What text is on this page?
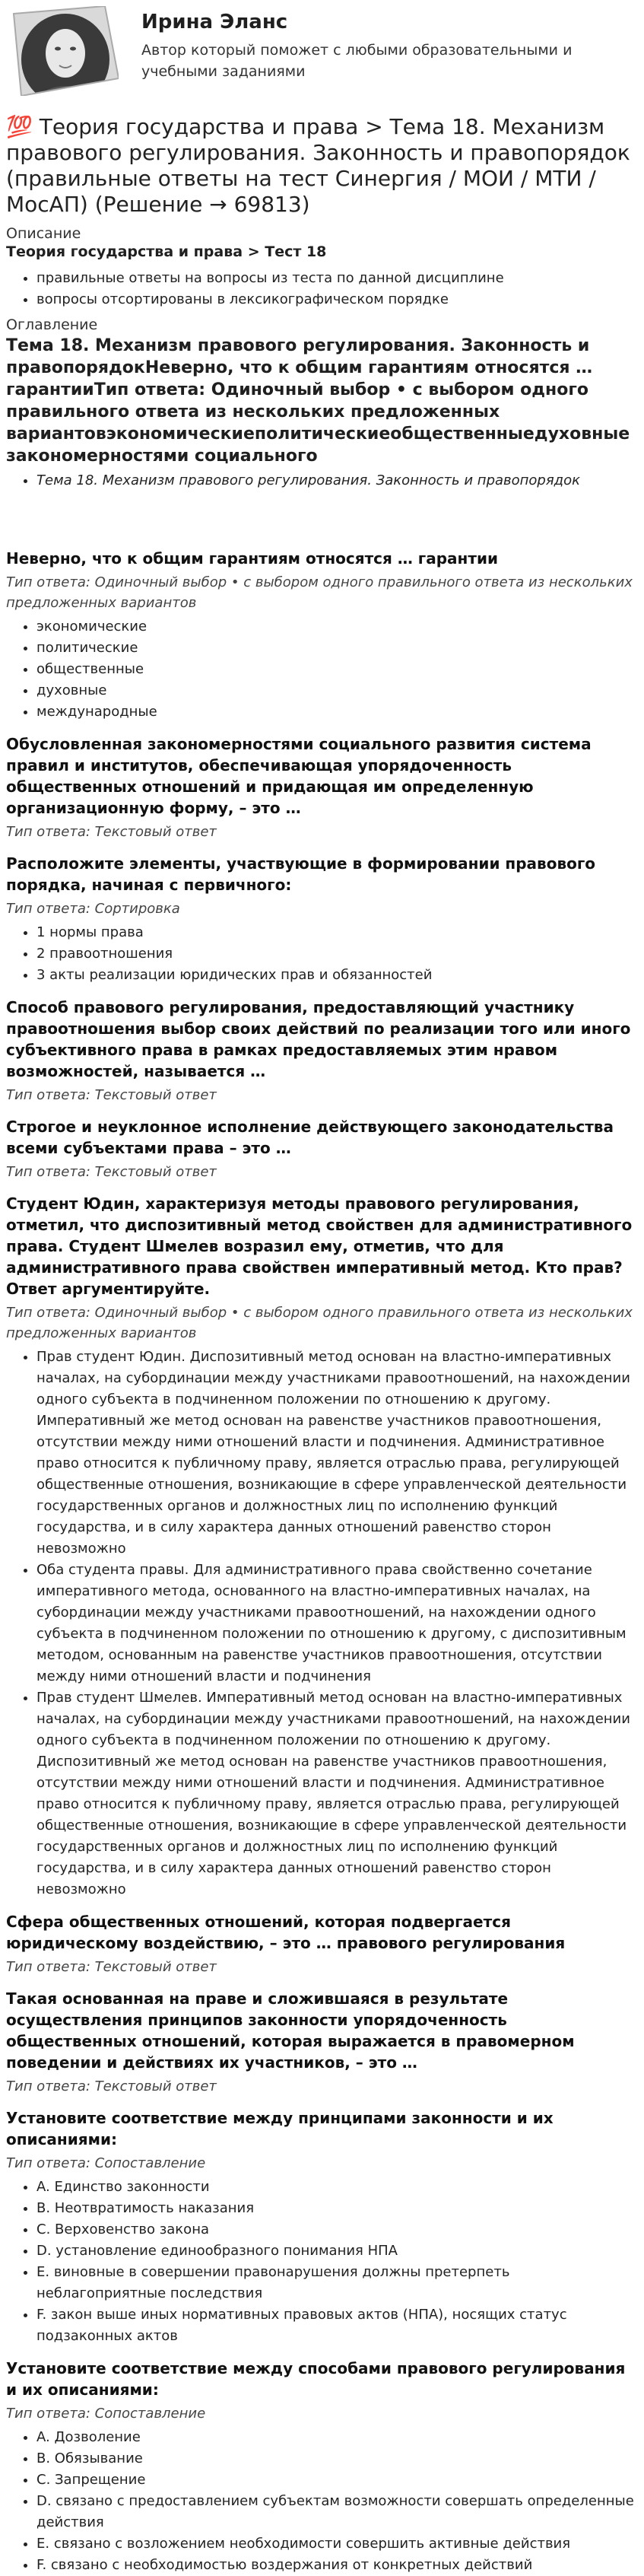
Ирина Эланс

Автор который поможет с любыми образовательными и учебными заданиями

💯 Теория государства и права > Тема 18. Механизм правового регулирования. Законность и правопорядок (правильные ответы на тест Синергия / МОИ / МТИ / МосАП) (Решение → 69813)
Описание
Теория государства и права > Тест 18
• правильные ответы на вопросы из теста по данной дисциплине
• вопросы отсортированы в лексикографическом порядке
Оглавление
Тема 18. Механизм правового регулирования. Законность и правопорядокНеверно, что к общим гарантиям относятся … гарантииТип ответа: Одиночный выбор • с выбором одного правильного ответа из нескольких предложенных вариантовэкономическиеполитическиеобщественныедуховные закономерностями социального
• Тема 18. Механизм правового регулирования. Законность и правопорядок
Неверно, что к общим гарантиям относятся … гарантии
Тип ответа: Одиночный выбор • с выбором одного правильного ответа из нескольких предложенных вариантов
• экономические
• политические
• общественные
• духовные
• международные
Обусловленная закономерностями социального развития система правил и институтов, обеспечивающая упорядоченность общественных отношений и придающая им определенную организационную форму, – это …
Тип ответа: Текстовый ответ
Расположите элементы, участвующие в формировании правового порядка, начиная с первичного:
Тип ответа: Сортировка
• 1 нормы права
• 2 правоотношения
• 3 акты реализации юридических прав и обязанностей
Способ правового регулирования, предоставляющий участнику правоотношения выбор своих действий по реализации того или иного субъективного права в рамках предоставляемых этим нравом возможностей, называется …
Тип ответа: Текстовый ответ
Строгое и неуклонное исполнение действующего законодательства всеми субъектами права – это …
Тип ответа: Текстовый ответ
Студент Юдин, характеризуя методы правового регулирования, отметил, что диспозитивный метод свойствен для административного права. Студент Шмелев возразил ему, отметив, что для административного права свойствен императивный метод. Кто прав? Ответ аргументируйте.
Тип ответа: Одиночный выбор • с выбором одного правильного ответа из нескольких предложенных вариантов
• Прав студент Юдин. Диспозитивный метод основан на властно-императивных началах, на субординации между участниками правоотношений, на нахождении одного субъекта в подчиненном положении по отношению к другому. Императивный же метод основан на равенстве участников правоотношения, отсутствии между ними отношений власти и подчинения. Административное право относится к публичному праву, является отраслью права, регулирующей общественные отношения, возникающие в сфере управленческой деятельности государственных органов и должностных лиц по исполнению функций государства, и в силу характера данных отношений равенство сторон невозможно
• Оба студента правы. Для административного права свойственно сочетание императивного метода, основанного на властно-императивных началах, на субординации между участниками правоотношений, на нахождении одного субъекта в подчиненном положении по отношению к другому, с диспозитивным методом, основанным на равенстве участников правоотношения, отсутствии между ними отношений власти и подчинения
• Прав студент Шмелев. Императивный метод основан на властно-императивных началах, на субординации между участниками правоотношений, на нахождении одного субъекта в подчиненном положении по отношению к другому. Диспозитивный же метод основан на равенстве участников правоотношения, отсутствии между ними отношений власти и подчинения. Административное право относится к публичному праву, является отраслью права, регулирующей общественные отношения, возникающие в сфере управленческой деятельности государственных органов и должностных лиц по исполнению функций государства, и в силу характера данных отношений равенство сторон невозможно
Сфера общественных отношений, которая подвергается юридическому воздействию, – это … правового регулирования
Тип ответа: Текстовый ответ
Такая основанная на праве и сложившаяся в результате осуществления принципов законности упорядоченность общественных отношений, которая выражается в правомерном поведении и действиях их участников, – это …
Тип ответа: Текстовый ответ
Установите соответствие между принципами законности и их описаниями:
Тип ответа: Сопоставление
• A. Единство законности
• B. Неотвратимость наказания
• C. Верховенство закона
• D. установление единообразного понимания НПА
• E. виновные в совершении правонарушения должны претерпеть неблагоприятные последствия
• F. закон выше иных нормативных правовых актов (НПА), носящих статус подзаконных актов
Установите соответствие между способами правового регулирования и их описаниями:
Тип ответа: Сопоставление
• A. Дозволение
• B. Обязывание
• C. Запрещение
• D. связано с предоставлением субъектам возможности совершать определенные действия
• E. связано с возложением необходимости совершить активные действия
• F. связано с необходимостью воздержания от конкретных действий
